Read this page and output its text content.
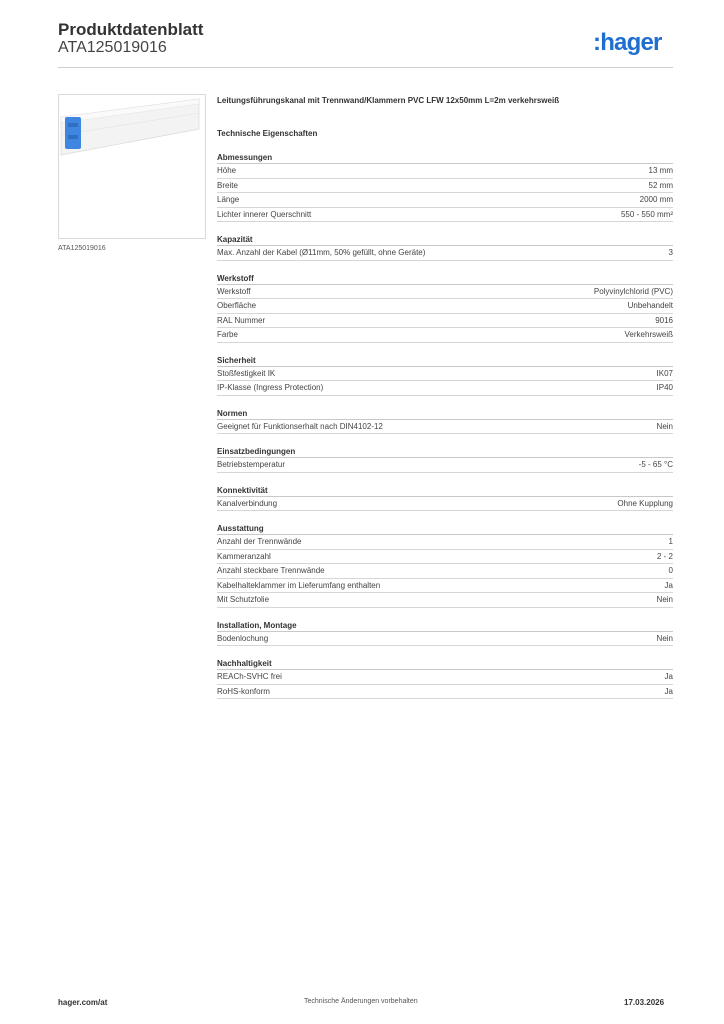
Produktdatenblatt
ATA125019016	:hager
ATA125019016
Leitungsführungskanal mit Trennwand/Klammern PVC LFW 12x50mm L=2m verkehrsweiß
Technische Eigenschaften
Abmessungen
Höhe	13 mm
Breite	52 mm
Länge	2000 mm
Lichter innerer Querschnitt	550 - 550 mm²
Kapazität
Max. Anzahl der Kabel (Ø11mm, 50% gefüllt, ohne Geräte)	3
Werkstoff
Werkstoff	Polyvinylchlorid (PVC)
Oberfläche	Unbehandelt
RAL Nummer	9016
Farbe	Verkehrsweiß
Sicherheit
Stoßfestigkeit IK	IK07
IP-Klasse (Ingress Protection)	IP40
Normen
Geeignet für Funktionserhalt nach DIN4102-12	Nein
Einsatzbedingungen
Betriebstemperatur	-5 - 65 °C
Konnektivität
Kanalverbindung	Ohne Kupplung
Ausstattung
Anzahl der Trennwände	1
Kammeranzahl	2 - 2
Anzahl steckbare Trennwände	0
Kabelhalteklammer im Lieferumfang enthalten	Ja
Mit Schutzfolie	Nein
Installation, Montage
Bodenlochung	Nein
Nachhaltigkeit
REACh-SVHC frei	Ja
RoHS-konform	Ja
hager.com/at	Technische Änderungen vorbehalten	17.03.2026
